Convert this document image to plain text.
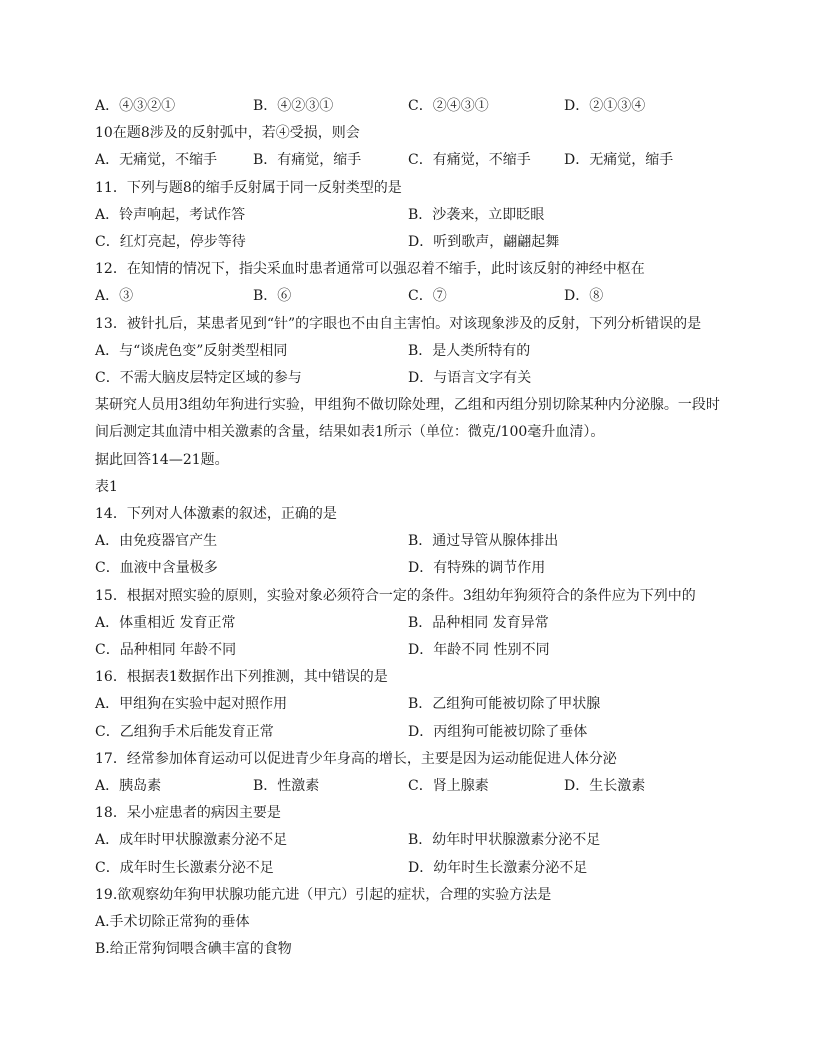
A．④③②①	B．④②③①	C．②④③①	D．②①③④
10在题8涉及的反射弧中，若④受损，则会
A．无痛觉，不缩手	B．有痛觉，缩手	C．有痛觉，不缩手 D．无痛觉，缩手
11．下列与题8的缩手反射属于同一反射类型的是
A．铃声响起，考试作答	B．沙袭来，立即眨眼
C．红灯亮起，停步等待	D．听到歌声，翩翩起舞
12．在知情的情况下，指尖采血时患者通常可以强忍着不缩手，此时该反射的神经中枢在
A．③	B．⑥	C．⑦	D．⑧
13．被针扎后，某患者见到“针”的字眼也不由自主害怕。对该现象涉及的反射，下列分析错误的是
A．与“谈虎色变”反射类型相同	B．是人类所特有的
C．不需大脑皮层特定区域的参与	D．与语言文字有关
某研究人员用3组幼年狗进行实验，甲组狗不做切除处理，乙组和丙组分别切除某种内分泌腺。一段时
间后测定其血清中相关激素的含量，结果如表1所示（单位：微克/100毫升血清）。
据此回答14—21题。
表1
14．下列对人体激素的叙述，正确的是
A．由免疫器官产生	B．通过导管从腺体排出
C．血液中含量极多	D．有特殊的调节作用
15．根据对照实验的原则，实验对象必须符合一定的条件。3组幼年狗须符合的条件应为下列中的
A．体重相近 发育正常	B．品种相同 发育异常
C．品种相同 年龄不同	D．年龄不同 性别不同
16．根据表1数据作出下列推测，其中错误的是
A．甲组狗在实验中起对照作用	B．乙组狗可能被切除了甲状腺
C．乙组狗手术后能发育正常	D．丙组狗可能被切除了垂体
17．经常参加体育运动可以促进青少年身高的增长，主要是因为运动能促进人体分泌
A．胰岛素	B．性激素	C．肾上腺素	D．生长激素
18．呆小症患者的病因主要是
A．成年时甲状腺激素分泌不足	B．幼年时甲状腺激素分泌不足
C．成年时生长激素分泌不足	D．幼年时生长激素分泌不足
19.欲观察幼年狗甲状腺功能亢进（甲亢）引起的症状，合理的实验方法是
A.手术切除正常狗的垂体
B.给正常狗饲喂含碘丰富的食物
